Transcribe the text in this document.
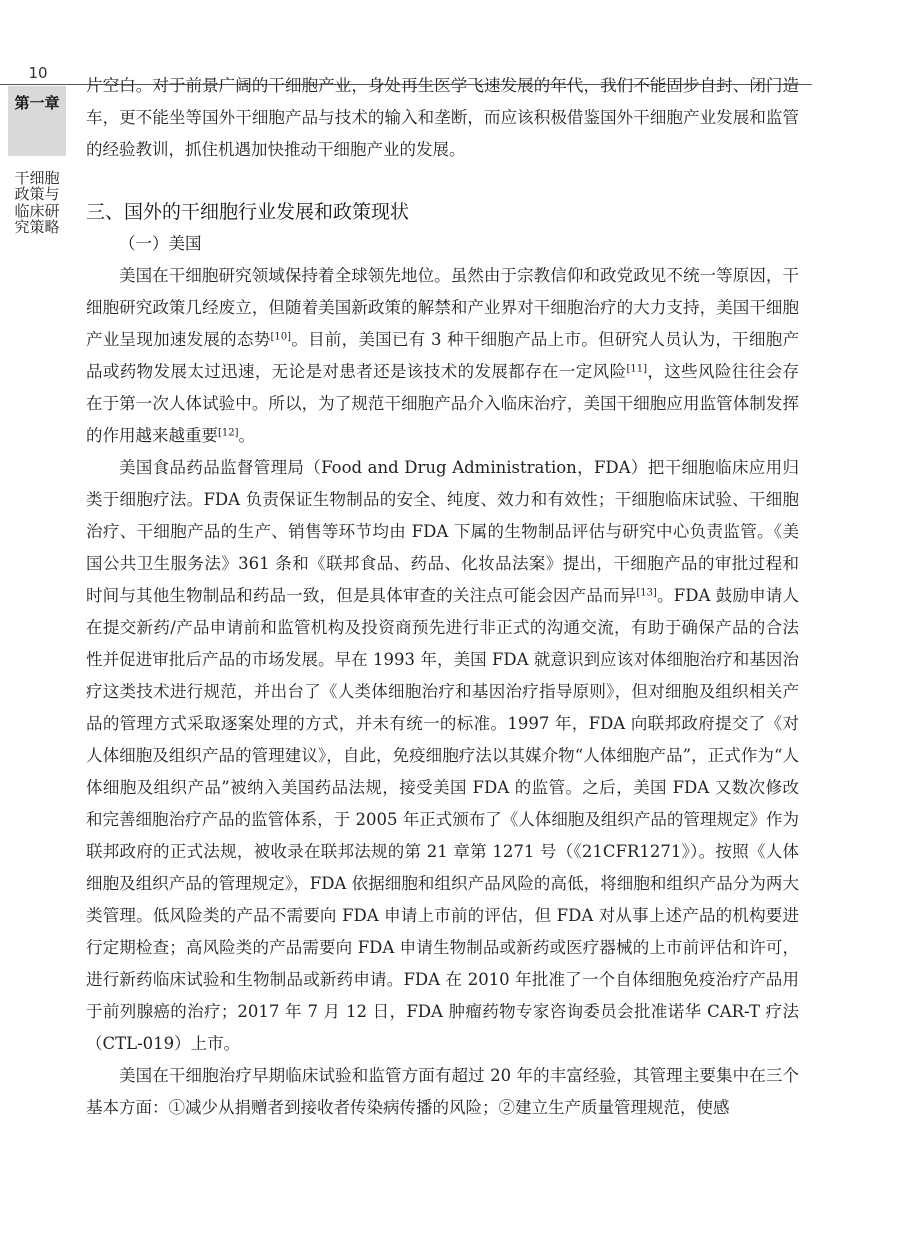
10
第一章
干细胞政策与临床研究策略

片空白。对于前景广阔的干细胞产业，身处再生医学飞速发展的年代，我们不能固步自封、闭门造车，更不能坐等国外干细胞产品与技术的输入和垄断，而应该积极借鉴国外干细胞产业发展和监管的经验教训，抓住机遇加快推动干细胞产业的发展。

三、国外的干细胞行业发展和政策现状
（一）美国

美国在干细胞研究领域保持着全球领先地位。虽然由于宗教信仰和政党政见不统一等原因，干细胞研究政策几经废立，但随着美国新政策的解禁和产业界对干细胞治疗的大力支持，美国干细胞产业呈现加速发展的态势[10]。目前，美国已有 3 种干细胞产品上市。但研究人员认为，干细胞产品或药物发展太过迅速，无论是对患者还是该技术的发展都存在一定风险[11]，这些风险往往会存在于第一次人体试验中。所以，为了规范干细胞产品介入临床治疗，美国干细胞应用监管体制发挥的作用越来越重要[12]。

美国食品药品监督管理局（Food and Drug Administration，FDA）把干细胞临床应用归类于细胞疗法。FDA 负责保证生物制品的安全、纯度、效力和有效性；干细胞临床试验、干细胞治疗、干细胞产品的生产、销售等环节均由 FDA 下属的生物制品评估与研究中心负责监管。《美国公共卫生服务法》361 条和《联邦食品、药品、化妆品法案》提出，干细胞产品的审批过程和时间与其他生物制品和药品一致，但是具体审查的关注点可能会因产品而异[13]。FDA 鼓励申请人在提交新药/产品申请前和监管机构及投资商预先进行非正式的沟通交流，有助于确保产品的合法性并促进审批后产品的市场发展。早在 1993 年，美国 FDA 就意识到应该对体细胞治疗和基因治疗这类技术进行规范，并出台了《人类体细胞治疗和基因治疗指导原则》，但对细胞及组织相关产品的管理方式采取逐案处理的方式，并未有统一的标准。1997 年，FDA 向联邦政府提交了《对人体细胞及组织产品的管理建议》，自此，免疫细胞疗法以其媒介物“人体细胞产品”，正式作为“人体细胞及组织产品”被纳入美国药品法规，接受美国 FDA 的监管。之后，美国 FDA 又数次修改和完善细胞治疗产品的监管体系，于 2005 年正式颁布了《人体细胞及组织产品的管理规定》作为联邦政府的正式法规，被收录在联邦法规的第 21 章第 1271 号（《21CFR1271》）。按照《人体细胞及组织产品的管理规定》，FDA 依据细胞和组织产品风险的高低，将细胞和组织产品分为两大类管理。低风险类的产品不需要向 FDA 申请上市前的评估，但 FDA 对从事上述产品的机构要进行定期检查；高风险类的产品需要向 FDA 申请生物制品或新药或医疗器械的上市前评估和许可，进行新药临床试验和生物制品或新药申请。FDA 在 2010 年批准了一个自体细胞免疫治疗产品用于前列腺癌的治疗；2017 年 7 月 12 日，FDA 肿瘤药物专家咨询委员会批准诺华 CAR-T 疗法（CTL-019）上市。

美国在干细胞治疗早期临床试验和监管方面有超过 20 年的丰富经验，其管理主要集中在三个基本方面：①减少从捐赠者到接收者传染病传播的风险；②建立生产质量管理规范，使感
